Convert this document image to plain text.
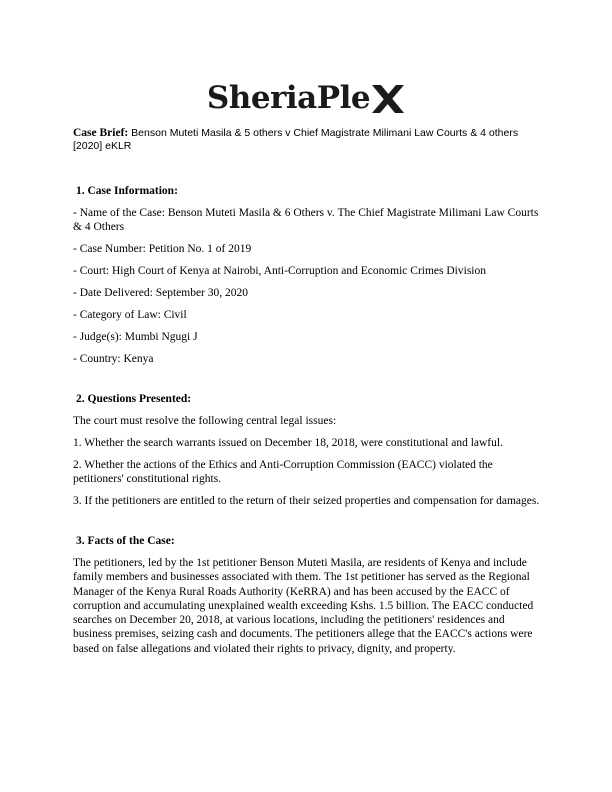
SheriaPle
Case Brief: Benson Muteti Masila & 5 others v Chief Magistrate Milimani Law Courts & 4 others [2020] eKLR
1. Case Information:

- Name of the Case: Benson Muteti Masila & 6 Others v. The Chief Magistrate Milimani Law Courts & 4 Others

- Case Number: Petition No. 1 of 2019

- Court: High Court of Kenya at Nairobi, Anti-Corruption and Economic Crimes Division

- Date Delivered: September 30, 2020

- Category of Law: Civil

- Judge(s): Mumbi Ngugi J

- Country: Kenya

2. Questions Presented:

The court must resolve the following central legal issues:

1. Whether the search warrants issued on December 18, 2018, were constitutional and lawful.

2. Whether the actions of the Ethics and Anti-Corruption Commission (EACC) violated the petitioners' constitutional rights.

3. If the petitioners are entitled to the return of their seized properties and compensation for damages.

3. Facts of the Case:

The petitioners, led by the 1st petitioner Benson Muteti Masila, are residents of Kenya and include family members and businesses associated with them. The 1st petitioner has served as the Regional Manager of the Kenya Rural Roads Authority (KeRRA) and has been accused by the EACC of corruption and accumulating unexplained wealth exceeding Kshs. 1.5 billion. The EACC conducted searches on December 20, 2018, at various locations, including the petitioners' residences and business premises, seizing cash and documents. The petitioners allege that the EACC's actions were based on false allegations and violated their rights to privacy, dignity, and property.
